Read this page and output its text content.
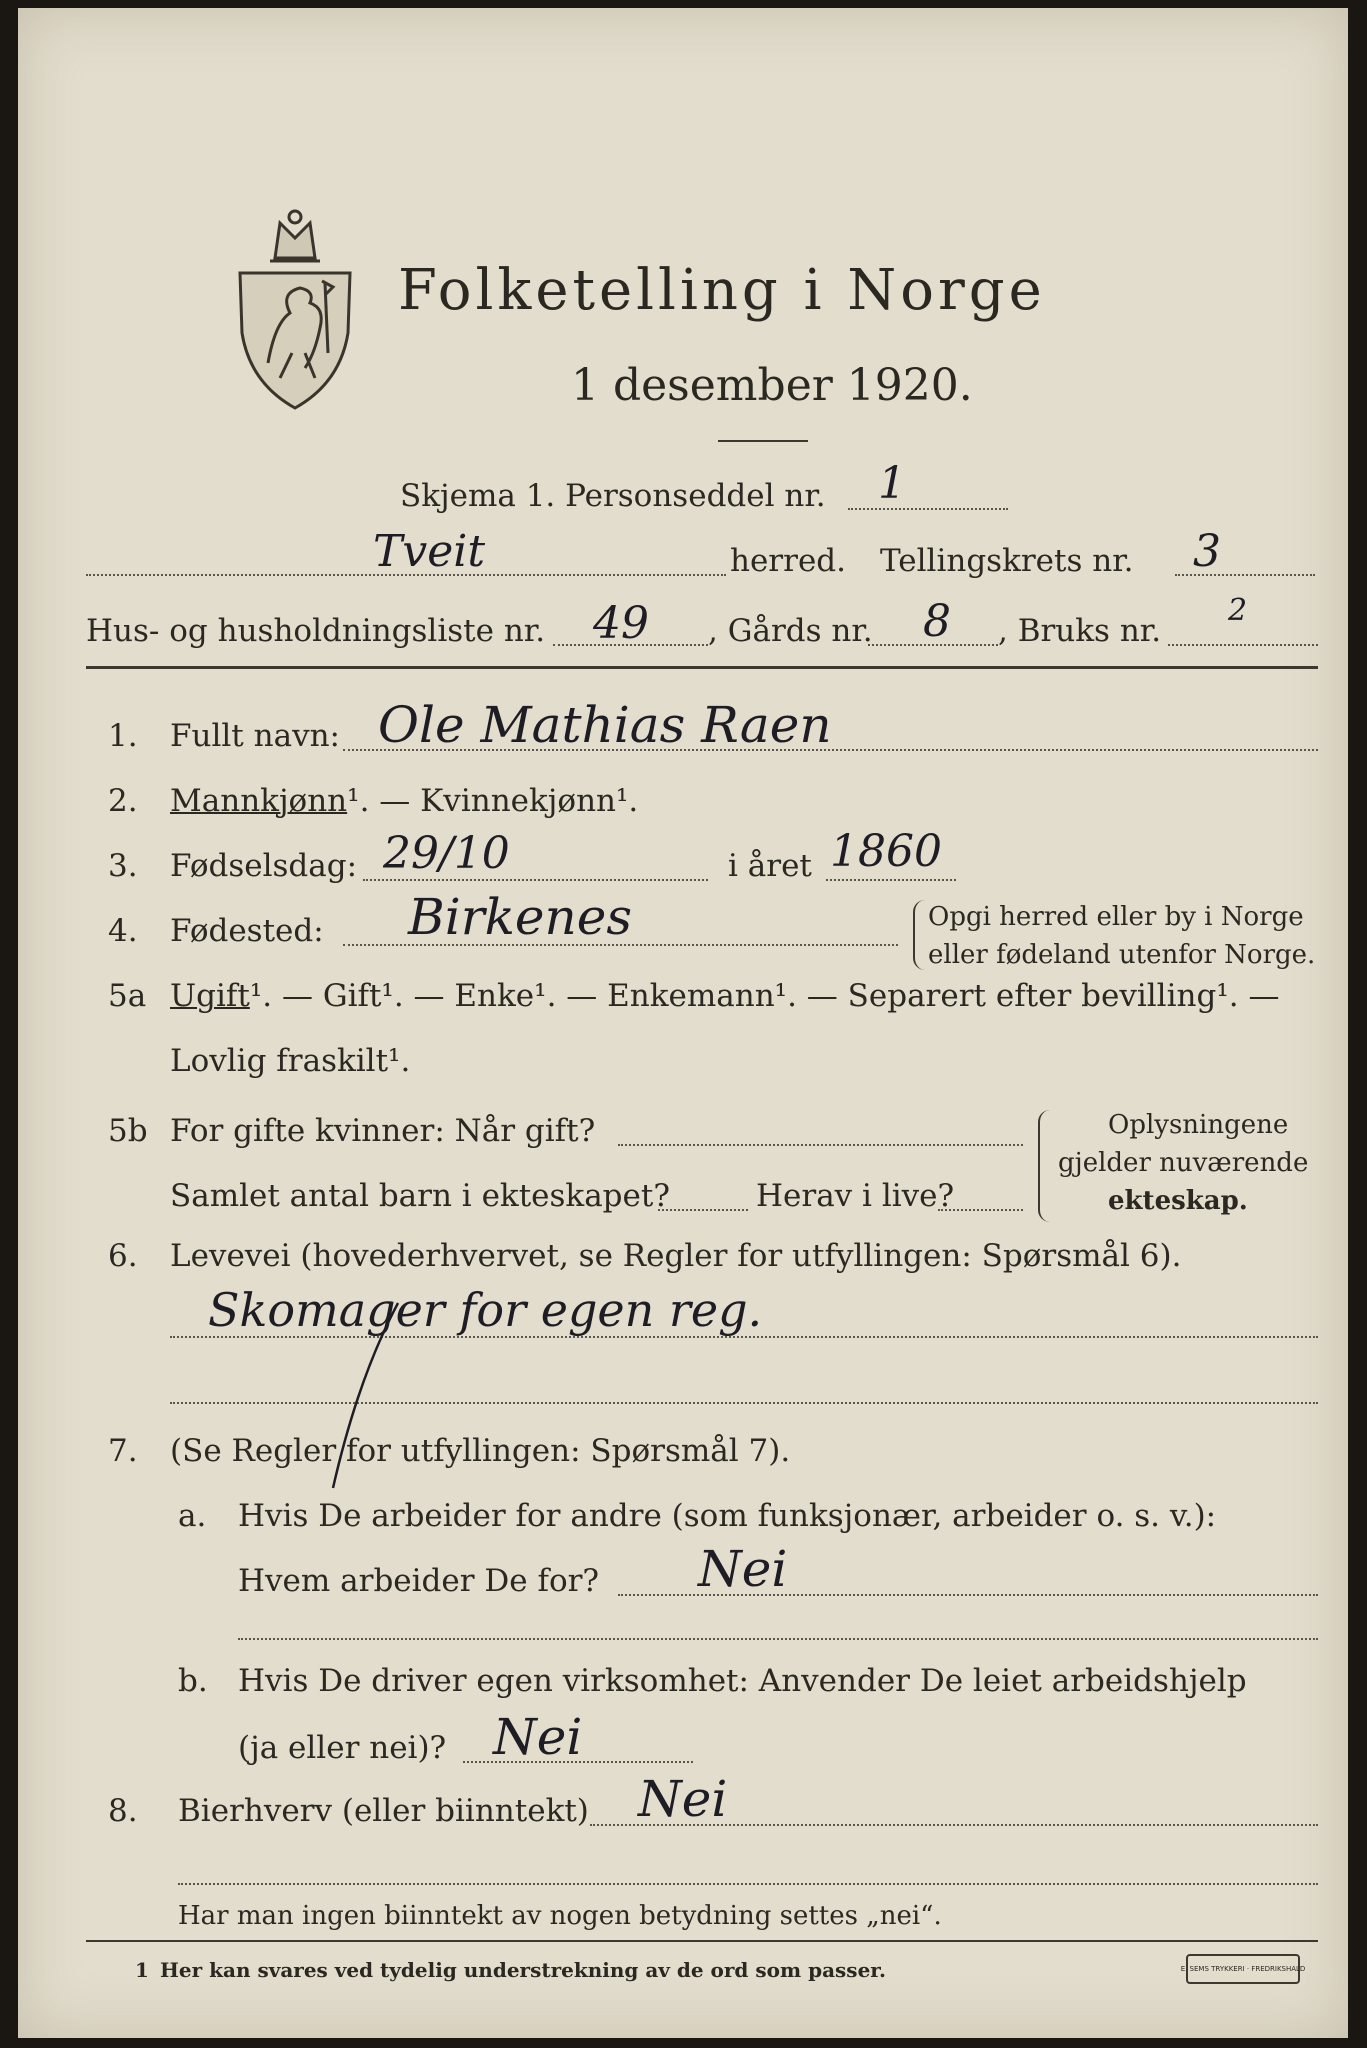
Folketelling i Norge
1 desember 1920.
Skjema 1. Personseddel nr. 1
Tveit	herred. Tellingskrets nr. 3
Hus- og husholdningsliste nr. 49 , Gårds nr. 8 , Bruks nr.
2
1. Fullt navn: Ole Mathias Raen
2. Mannkjønn¹. — Kvinnekjønn¹.
3. Fødselsdag: 29/10	i året 1860
4. Fødested: Birkenes	Opgi herred eller by i Norge
eller fødeland utenfor Norge.
5a Ugift¹. — Gift¹. — Enke¹. — Enkemann¹. — Separert efter bevilling¹. —
Lovlig fraskilt¹.
5b For gifte kvinner: Når gift?
Samlet antal barn i ekteskapet?	Herav i live?
Oplysningene
gjelder nuværende
ekteskap.
6. Levevei (hovederhvervet, se Regler for utfyllingen: Spørsmål 6).
Skomager for egen reg.
7. (Se Regler for utfyllingen: Spørsmål 7).
a. Hvis De arbeider for andre (som funksjonær, arbeider o. s. v.):
Hvem arbeider De for? Nei
b. Hvis De driver egen virksomhet: Anvender De leiet arbeidshjelp
(ja eller nei)? Nei
8. Bierhverv (eller biinntekt) Nei
Har man ingen biinntekt av nogen betydning settes „nei“.
1 Her kan svares ved tydelig understrekning av de ord som passer.	E. SEMS TRYKKERI · FREDRIKSHALD
